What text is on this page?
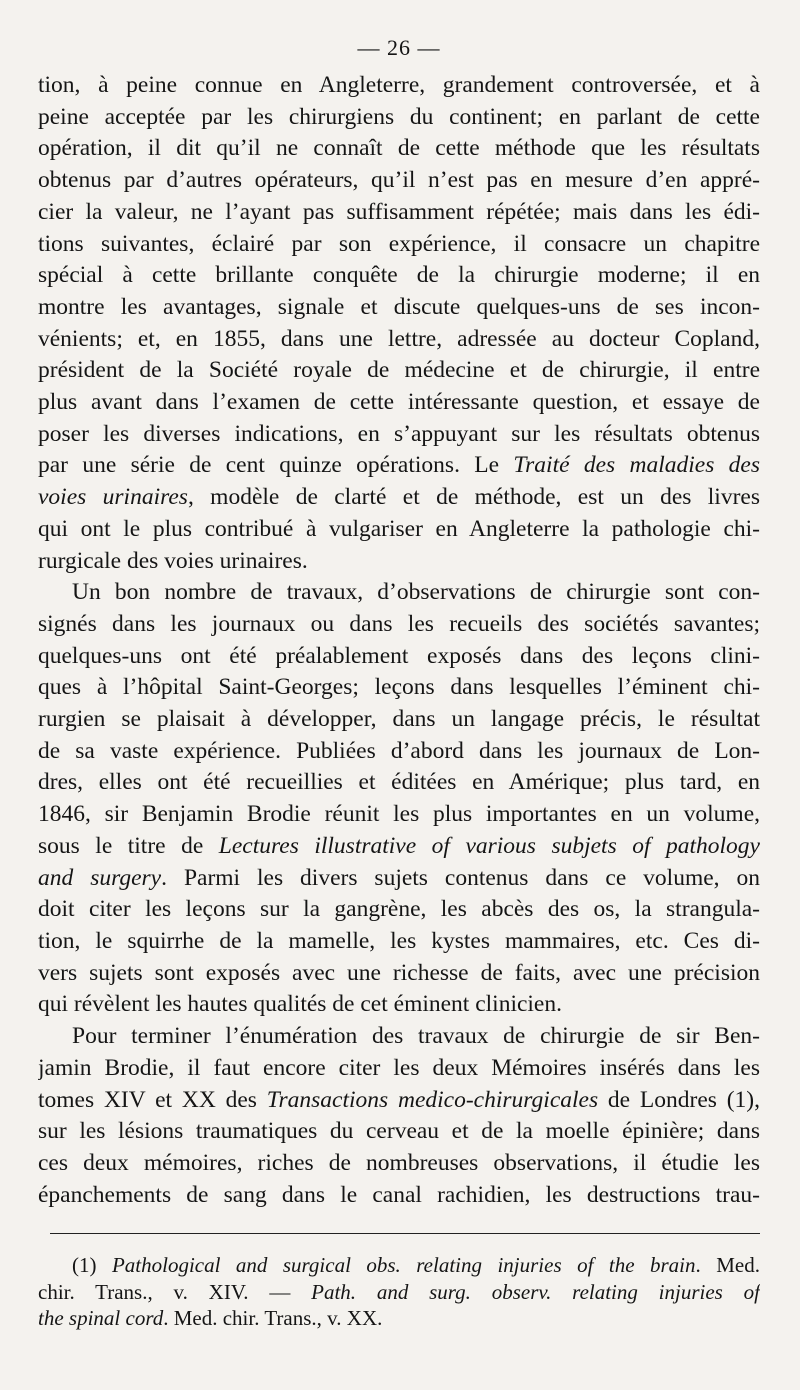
— 26 —
tion, à peine connue en Angleterre, grandement controversée, et à
peine acceptée par les chirurgiens du continent; en parlant de cette
opération, il dit qu’il ne connaît de cette méthode que les résultats
obtenus par d’autres opérateurs, qu’il n’est pas en mesure d’en appré-
cier la valeur, ne l’ayant pas suffisamment répétée; mais dans les édi-
tions suivantes, éclairé par son expérience, il consacre un chapitre
spécial à cette brillante conquête de la chirurgie moderne; il en
montre les avantages, signale et discute quelques-uns de ses incon-
vénients; et, en 1855, dans une lettre, adressée au docteur Copland,
président de la Société royale de médecine et de chirurgie, il entre
plus avant dans l’examen de cette intéressante question, et essaye de
poser les diverses indications, en s’appuyant sur les résultats obtenus
par une série de cent quinze opérations. Le Traité des maladies des
voies urinaires, modèle de clarté et de méthode, est un des livres
qui ont le plus contribué à vulgariser en Angleterre la pathologie chi-
rurgicale des voies urinaires.
Un bon nombre de travaux, d’observations de chirurgie sont con-
signés dans les journaux ou dans les recueils des sociétés savantes;
quelques-uns ont été préalablement exposés dans des leçons clini-
ques à l’hôpital Saint-Georges; leçons dans lesquelles l’éminent chi-
rurgien se plaisait à développer, dans un langage précis, le résultat
de sa vaste expérience. Publiées d’abord dans les journaux de Lon-
dres, elles ont été recueillies et éditées en Amérique; plus tard, en
1846, sir Benjamin Brodie réunit les plus importantes en un volume,
sous le titre de Lectures illustrative of various subjets of pathology
and surgery. Parmi les divers sujets contenus dans ce volume, on
doit citer les leçons sur la gangrène, les abcès des os, la strangula-
tion, le squirrhe de la mamelle, les kystes mammaires, etc. Ces di-
vers sujets sont exposés avec une richesse de faits, avec une précision
qui révèlent les hautes qualités de cet éminent clinicien.
Pour terminer l’énumération des travaux de chirurgie de sir Ben-
jamin Brodie, il faut encore citer les deux Mémoires insérés dans les
tomes XIV et XX des Transactions medico-chirurgicales de Londres (1),
sur les lésions traumatiques du cerveau et de la moelle épinière; dans
ces deux mémoires, riches de nombreuses observations, il étudie les
épanchements de sang dans le canal rachidien, les destructions trau-
(1) Pathological and surgical obs. relating injuries of the brain. Med.
chir. Trans., v. XIV. — Path. and surg. observ. relating injuries of
the spinal cord. Med. chir. Trans., v. XX.
